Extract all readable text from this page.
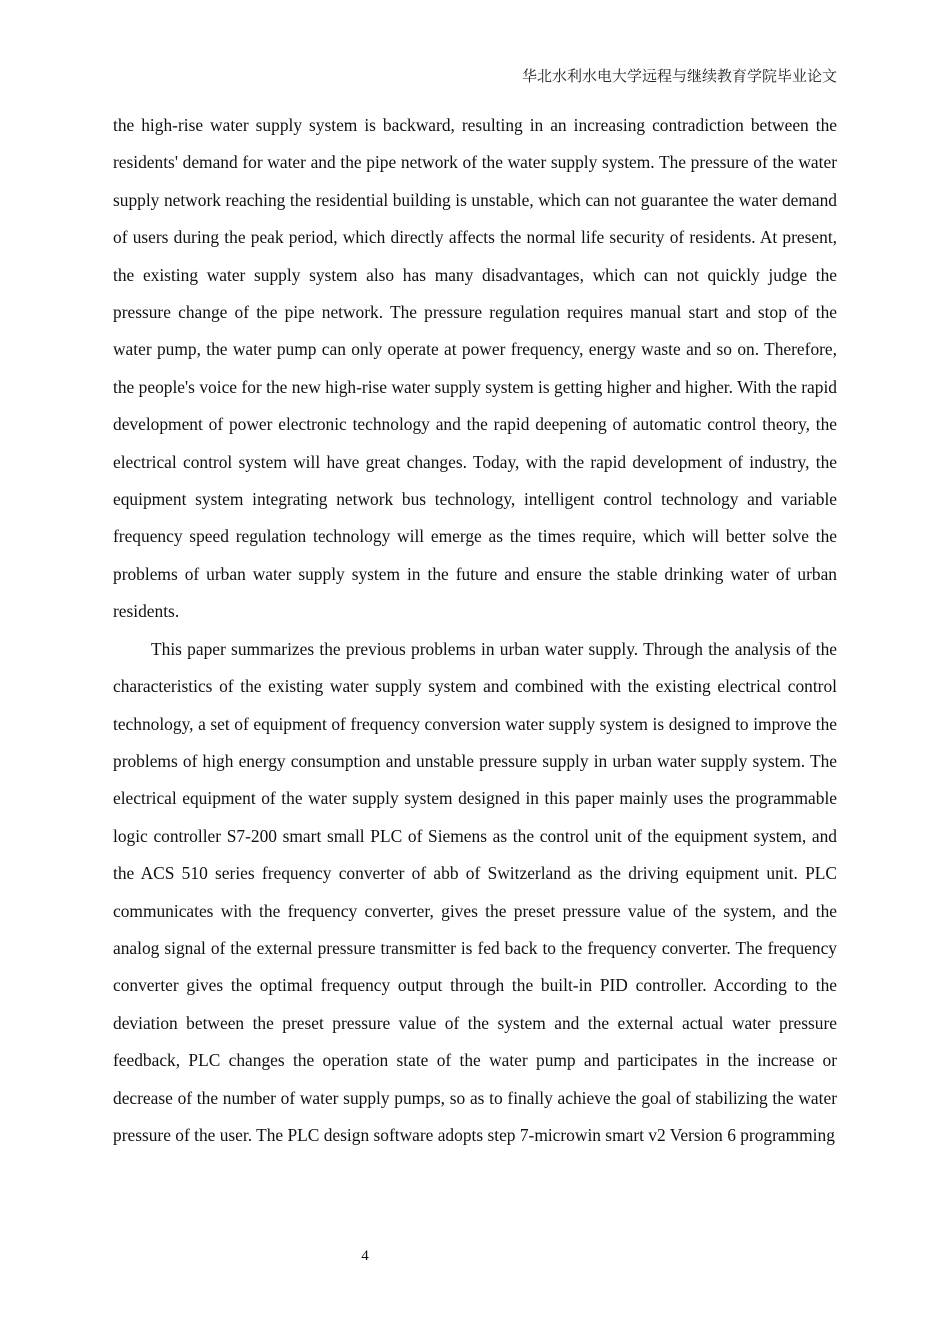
华北水利水电大学远程与继续教育学院毕业论文

the high-rise water supply system is backward, resulting in an increasing contradiction between the residents' demand for water and the pipe network of the water supply system. The pressure of the water supply network reaching the residential building is unstable, which can not guarantee the water demand of users during the peak period, which directly affects the normal life security of residents. At present, the existing water supply system also has many disadvantages, which can not quickly judge the pressure change of the pipe network. The pressure regulation requires manual start and stop of the water pump, the water pump can only operate at power frequency, energy waste and so on. Therefore, the people's voice for the new high-rise water supply system is getting higher and higher. With the rapid development of power electronic technology and the rapid deepening of automatic control theory, the electrical control system will have great changes. Today, with the rapid development of industry, the equipment system integrating network bus technology, intelligent control technology and variable frequency speed regulation technology will emerge as the times require, which will better solve the problems of urban water supply system in the future and ensure the stable drinking water of urban residents.

This paper summarizes the previous problems in urban water supply. Through the analysis of the characteristics of the existing water supply system and combined with the existing electrical control technology, a set of equipment of frequency conversion water supply system is designed to improve the problems of high energy consumption and unstable pressure supply in urban water supply system. The electrical equipment of the water supply system designed in this paper mainly uses the programmable logic controller S7-200 smart small PLC of Siemens as the control unit of the equipment system, and the ACS 510 series frequency converter of abb of Switzerland as the driving equipment unit. PLC communicates with the frequency converter, gives the preset pressure value of the system, and the analog signal of the external pressure transmitter is fed back to the frequency converter. The frequency converter gives the optimal frequency output through the built-in PID controller. According to the deviation between the preset pressure value of the system and the external actual water pressure feedback, PLC changes the operation state of the water pump and participates in the increase or decrease of the number of water supply pumps, so as to finally achieve the goal of stabilizing the water pressure of the user. The PLC design software adopts step 7-microwin smart v2 Version 6 programming

4
